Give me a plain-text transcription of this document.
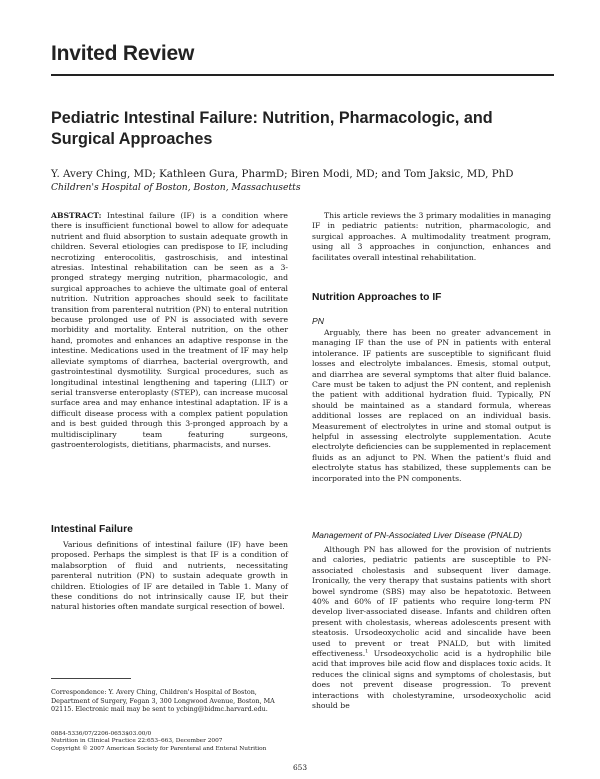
Invited Review
Pediatric Intestinal Failure: Nutrition, Pharmacologic, and Surgical Approaches
Y. Avery Ching, MD; Kathleen Gura, PharmD; Biren Modi, MD; and Tom Jaksic, MD, PhD
Children's Hospital of Boston, Boston, Massachusetts

ABSTRACT: Intestinal failure (IF) is a condition where there is insufficient functional bowel to allow for adequate nutrient and fluid absorption to sustain adequate growth in children. Several etiologies can predispose to IF, including necrotizing enterocolitis, gastroschisis, and intestinal atresias. Intestinal rehabilitation can be seen as a 3-pronged strategy merging nutrition, pharmacologic, and surgical approaches to achieve the ultimate goal of enteral nutrition. Nutrition approaches should seek to facilitate transition from parenteral nutrition (PN) to enteral nutrition because prolonged use of PN is associated with severe morbidity and mortality. Enteral nutrition, on the other hand, promotes and enhances an adaptive response in the intestine. Medications used in the treatment of IF may help alleviate symptoms of diarrhea, bacterial overgrowth, and gastrointestinal dysmotility. Surgical procedures, such as longitudinal intestinal lengthening and tapering (LILT) or serial transverse enteroplasty (STEP), can increase mucosal surface area and may enhance intestinal adaptation. IF is a difficult disease process with a complex patient population and is best guided through this 3-pronged approach by a multidisciplinary team featuring surgeons, gastroenterologists, dietitians, pharmacists, and nurses.

Intestinal Failure
Various definitions of intestinal failure (IF) have been proposed. Perhaps the simplest is that IF is a condition of malabsorption of fluid and nutrients, necessitating parenteral nutrition (PN) to sustain adequate growth in children. Etiologies of IF are detailed in Table 1. Many of these conditions do not intrinsically cause IF, but their natural histories often mandate surgical resection of bowel.
Correspondence: Y. Avery Ching, Children's Hospital of Boston, Department of Surgery, Fegan 3, 300 Longwood Avenue, Boston, MA 02115. Electronic mail may be sent to ycbing@bidmc.harvard.edu.
0884-5336/07/2206-0653$03.00/0
Nutrition in Clinical Practice 22:653–663, December 2007
Copyright © 2007 American Society for Parenteral and Enteral Nutrition
This article reviews the 3 primary modalities in managing IF in pediatric patients: nutrition, pharmacologic, and surgical approaches. A multimodality treatment program, using all 3 approaches in conjunction, enhances and facilitates overall intestinal rehabilitation.
Nutrition Approaches to IF
PN
Arguably, there has been no greater advancement in managing IF than the use of PN in patients with enteral intolerance. IF patients are susceptible to significant fluid losses and electrolyte imbalances. Emesis, stomal output, and diarrhea are several symptoms that alter fluid balance. Care must be taken to adjust the PN content, and replenish the patient with additional hydration fluid. Typically, PN should be maintained as a standard formula, whereas additional losses are replaced on an individual basis. Measurement of electrolytes in urine and stomal output is helpful in assessing electrolyte supplementation. Acute electrolyte deficiencies can be supplemented in replacement fluids as an adjunct to PN. When the patient's fluid and electrolyte status has stabilized, these supplements can be incorporated into the PN components.
Management of PN-Associated Liver Disease (PNALD)
Although PN has allowed for the provision of nutrients and calories, pediatric patients are susceptible to PN-associated cholestasis and subsequent liver damage. Ironically, the very therapy that sustains patients with short bowel syndrome (SBS) may also be hepatotoxic. Between 40% and 60% of IF patients who require long-term PN develop liver-associated disease. Infants and children often present with cholestasis, whereas adolescents present with steatosis. Ursodeoxycholic acid and sincalide have been used to prevent or treat PNALD, but with limited effectiveness.$^1$ Ursodeoxycholic acid is a hydrophilic bile acid that improves bile acid flow and displaces toxic acids. It reduces the clinical signs and symptoms of cholestasis, but does not prevent disease progression. To prevent interactions with cholestyramine, ursodeoxycholic acid should be
653
